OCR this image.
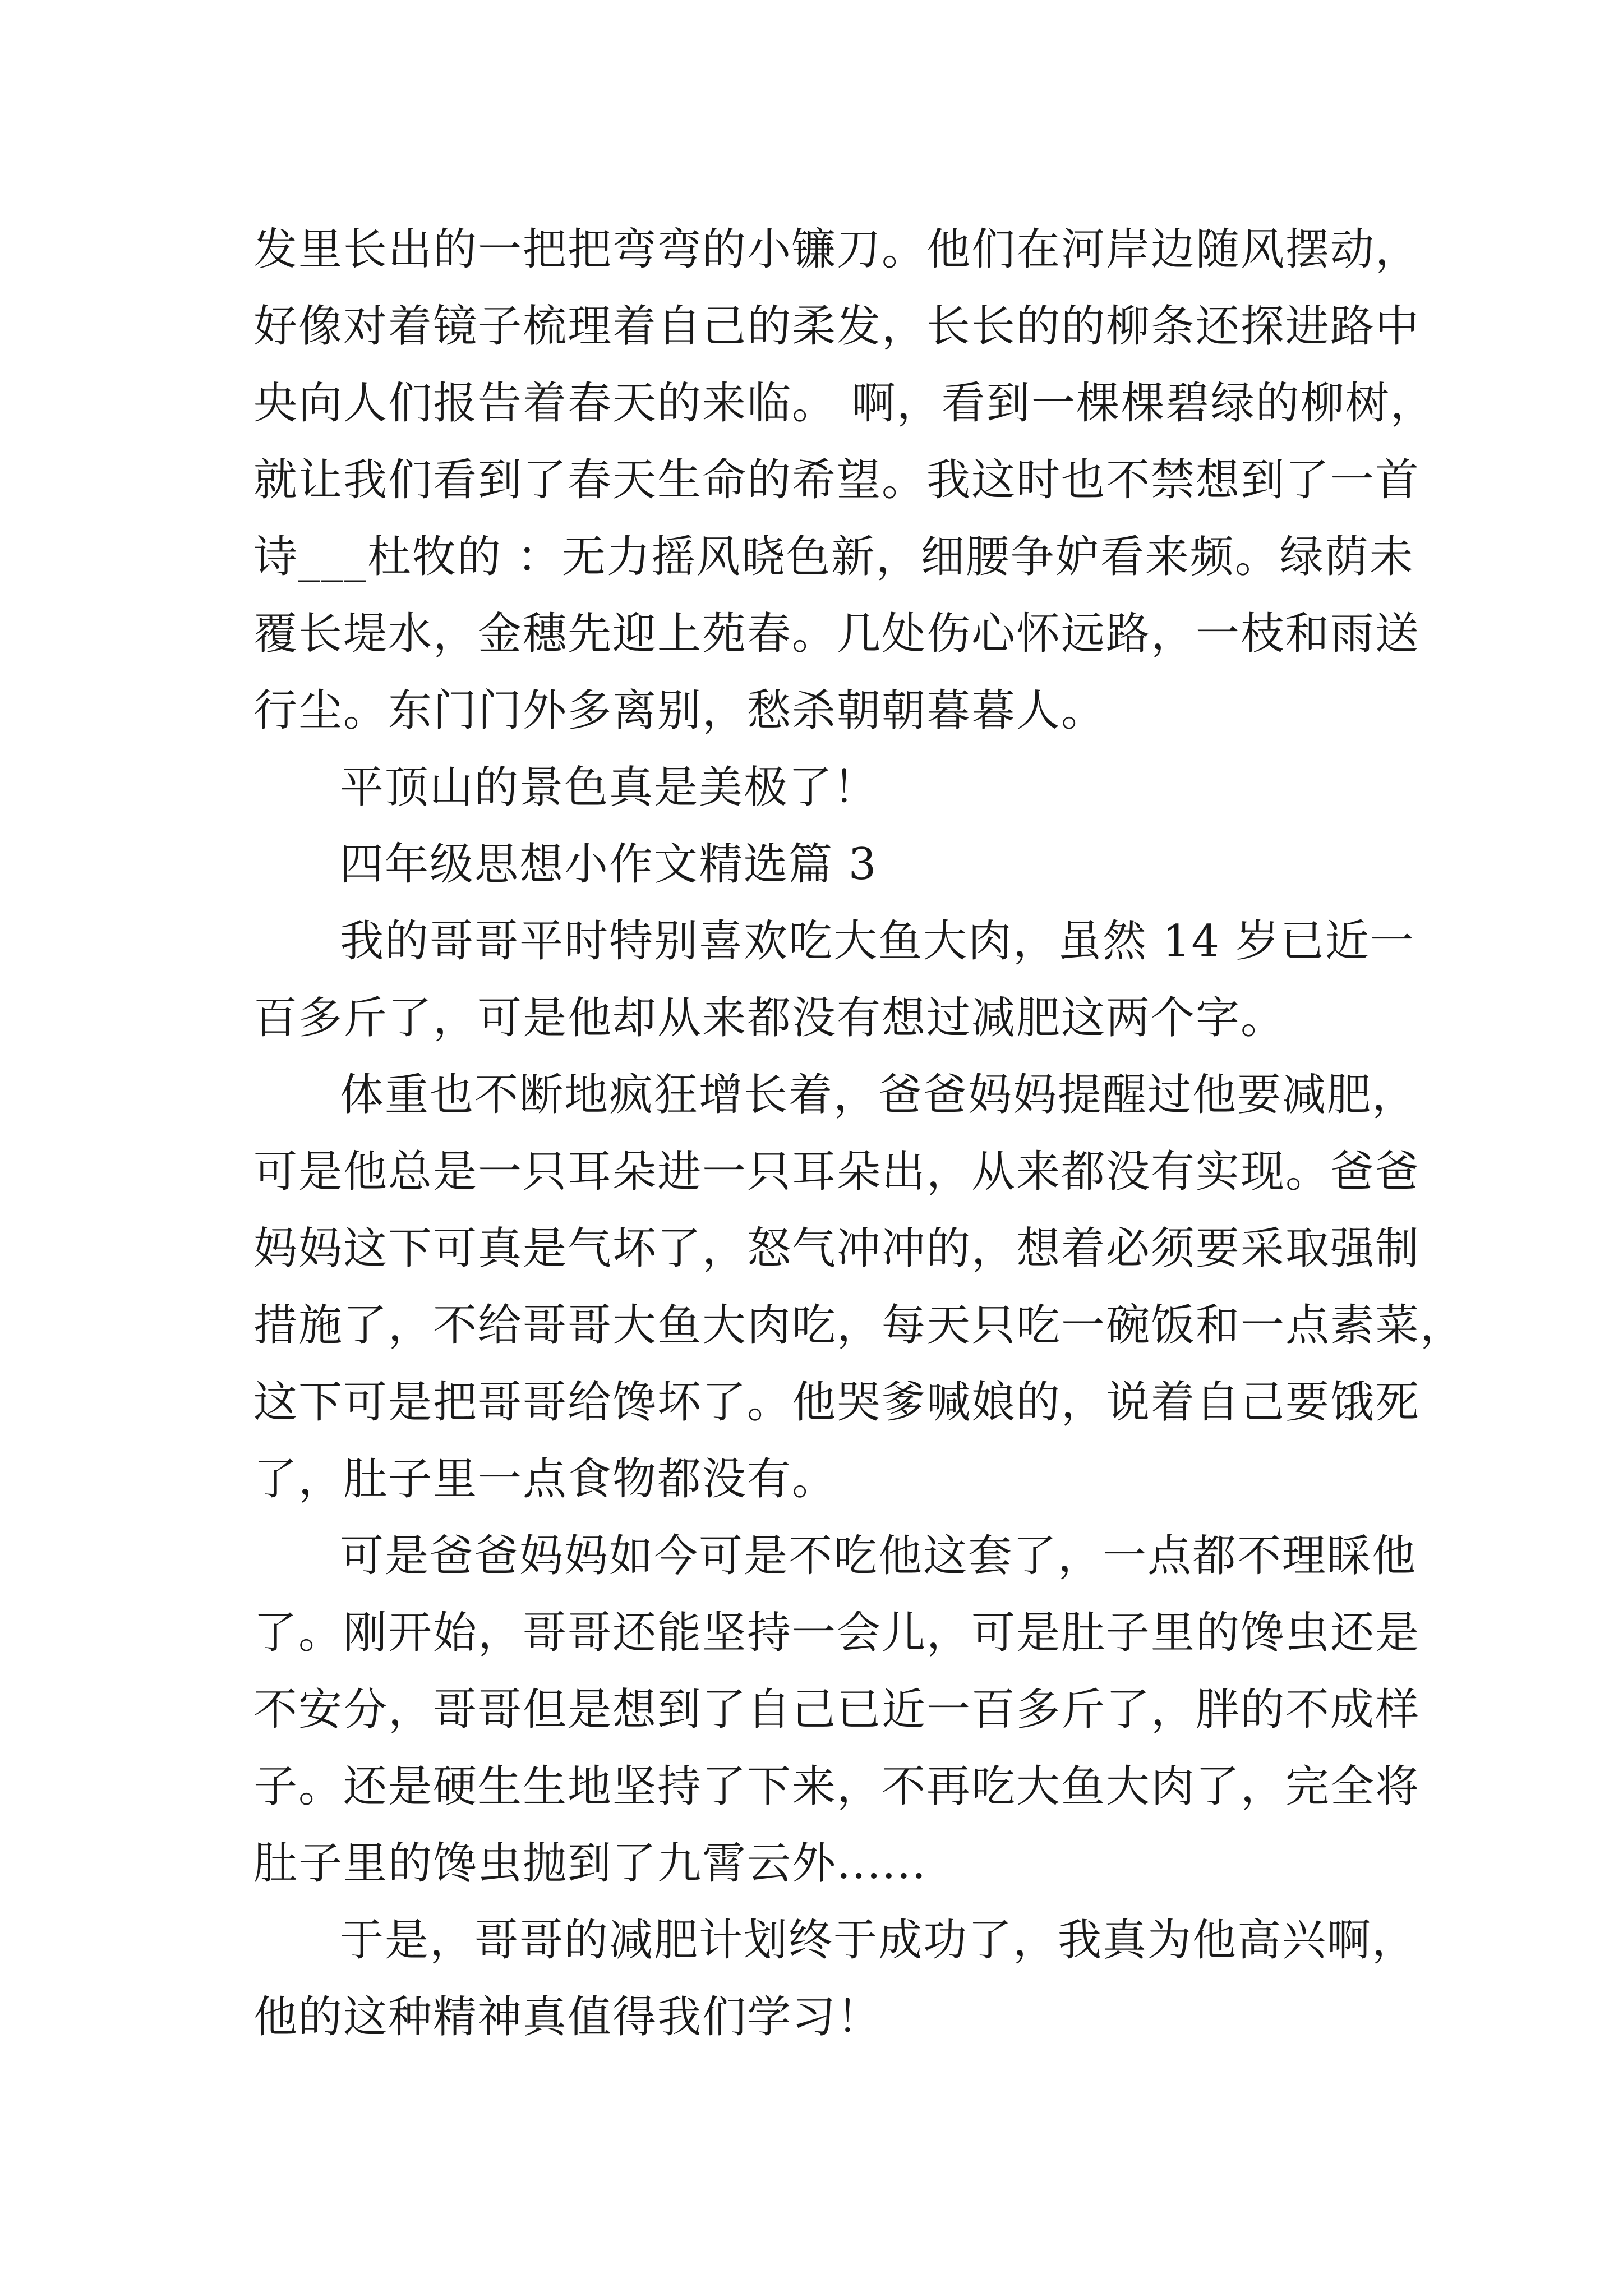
发里长出的一把把弯弯的小镰刀。他们在河岸边随风摆动，
好像对着镜子梳理着自己的柔发，长长的的柳条还探进路中
央向人们报告着春天的来临。 啊，看到一棵棵碧绿的柳树，
就让我们看到了春天生命的希望。我这时也不禁想到了一首
诗___杜牧的 ：无力摇风晓色新，细腰争妒看来频。绿荫未
覆长堤水，金穗先迎上苑春。几处伤心怀远路，一枝和雨送
行尘。东门门外多离别，愁杀朝朝暮暮人。
平顶山的景色真是美极了！
四年级思想小作文精选篇 3
我的哥哥平时特别喜欢吃大鱼大肉，虽然 14 岁已近一
百多斤了，可是他却从来都没有想过减肥这两个字。
体重也不断地疯狂增长着，爸爸妈妈提醒过他要减肥，
可是他总是一只耳朵进一只耳朵出，从来都没有实现。爸爸
妈妈这下可真是气坏了，怒气冲冲的，想着必须要采取强制
措施了，不给哥哥大鱼大肉吃，每天只吃一碗饭和一点素菜，
这下可是把哥哥给馋坏了。他哭爹喊娘的，说着自己要饿死
了，肚子里一点食物都没有。
可是爸爸妈妈如今可是不吃他这套了，一点都不理睬他
了。刚开始，哥哥还能坚持一会儿，可是肚子里的馋虫还是
不安分，哥哥但是想到了自己已近一百多斤了，胖的不成样
子。还是硬生生地坚持了下来，不再吃大鱼大肉了，完全将
肚子里的馋虫抛到了九霄云外......
于是，哥哥的减肥计划终于成功了，我真为他高兴啊，
他的这种精神真值得我们学习！
